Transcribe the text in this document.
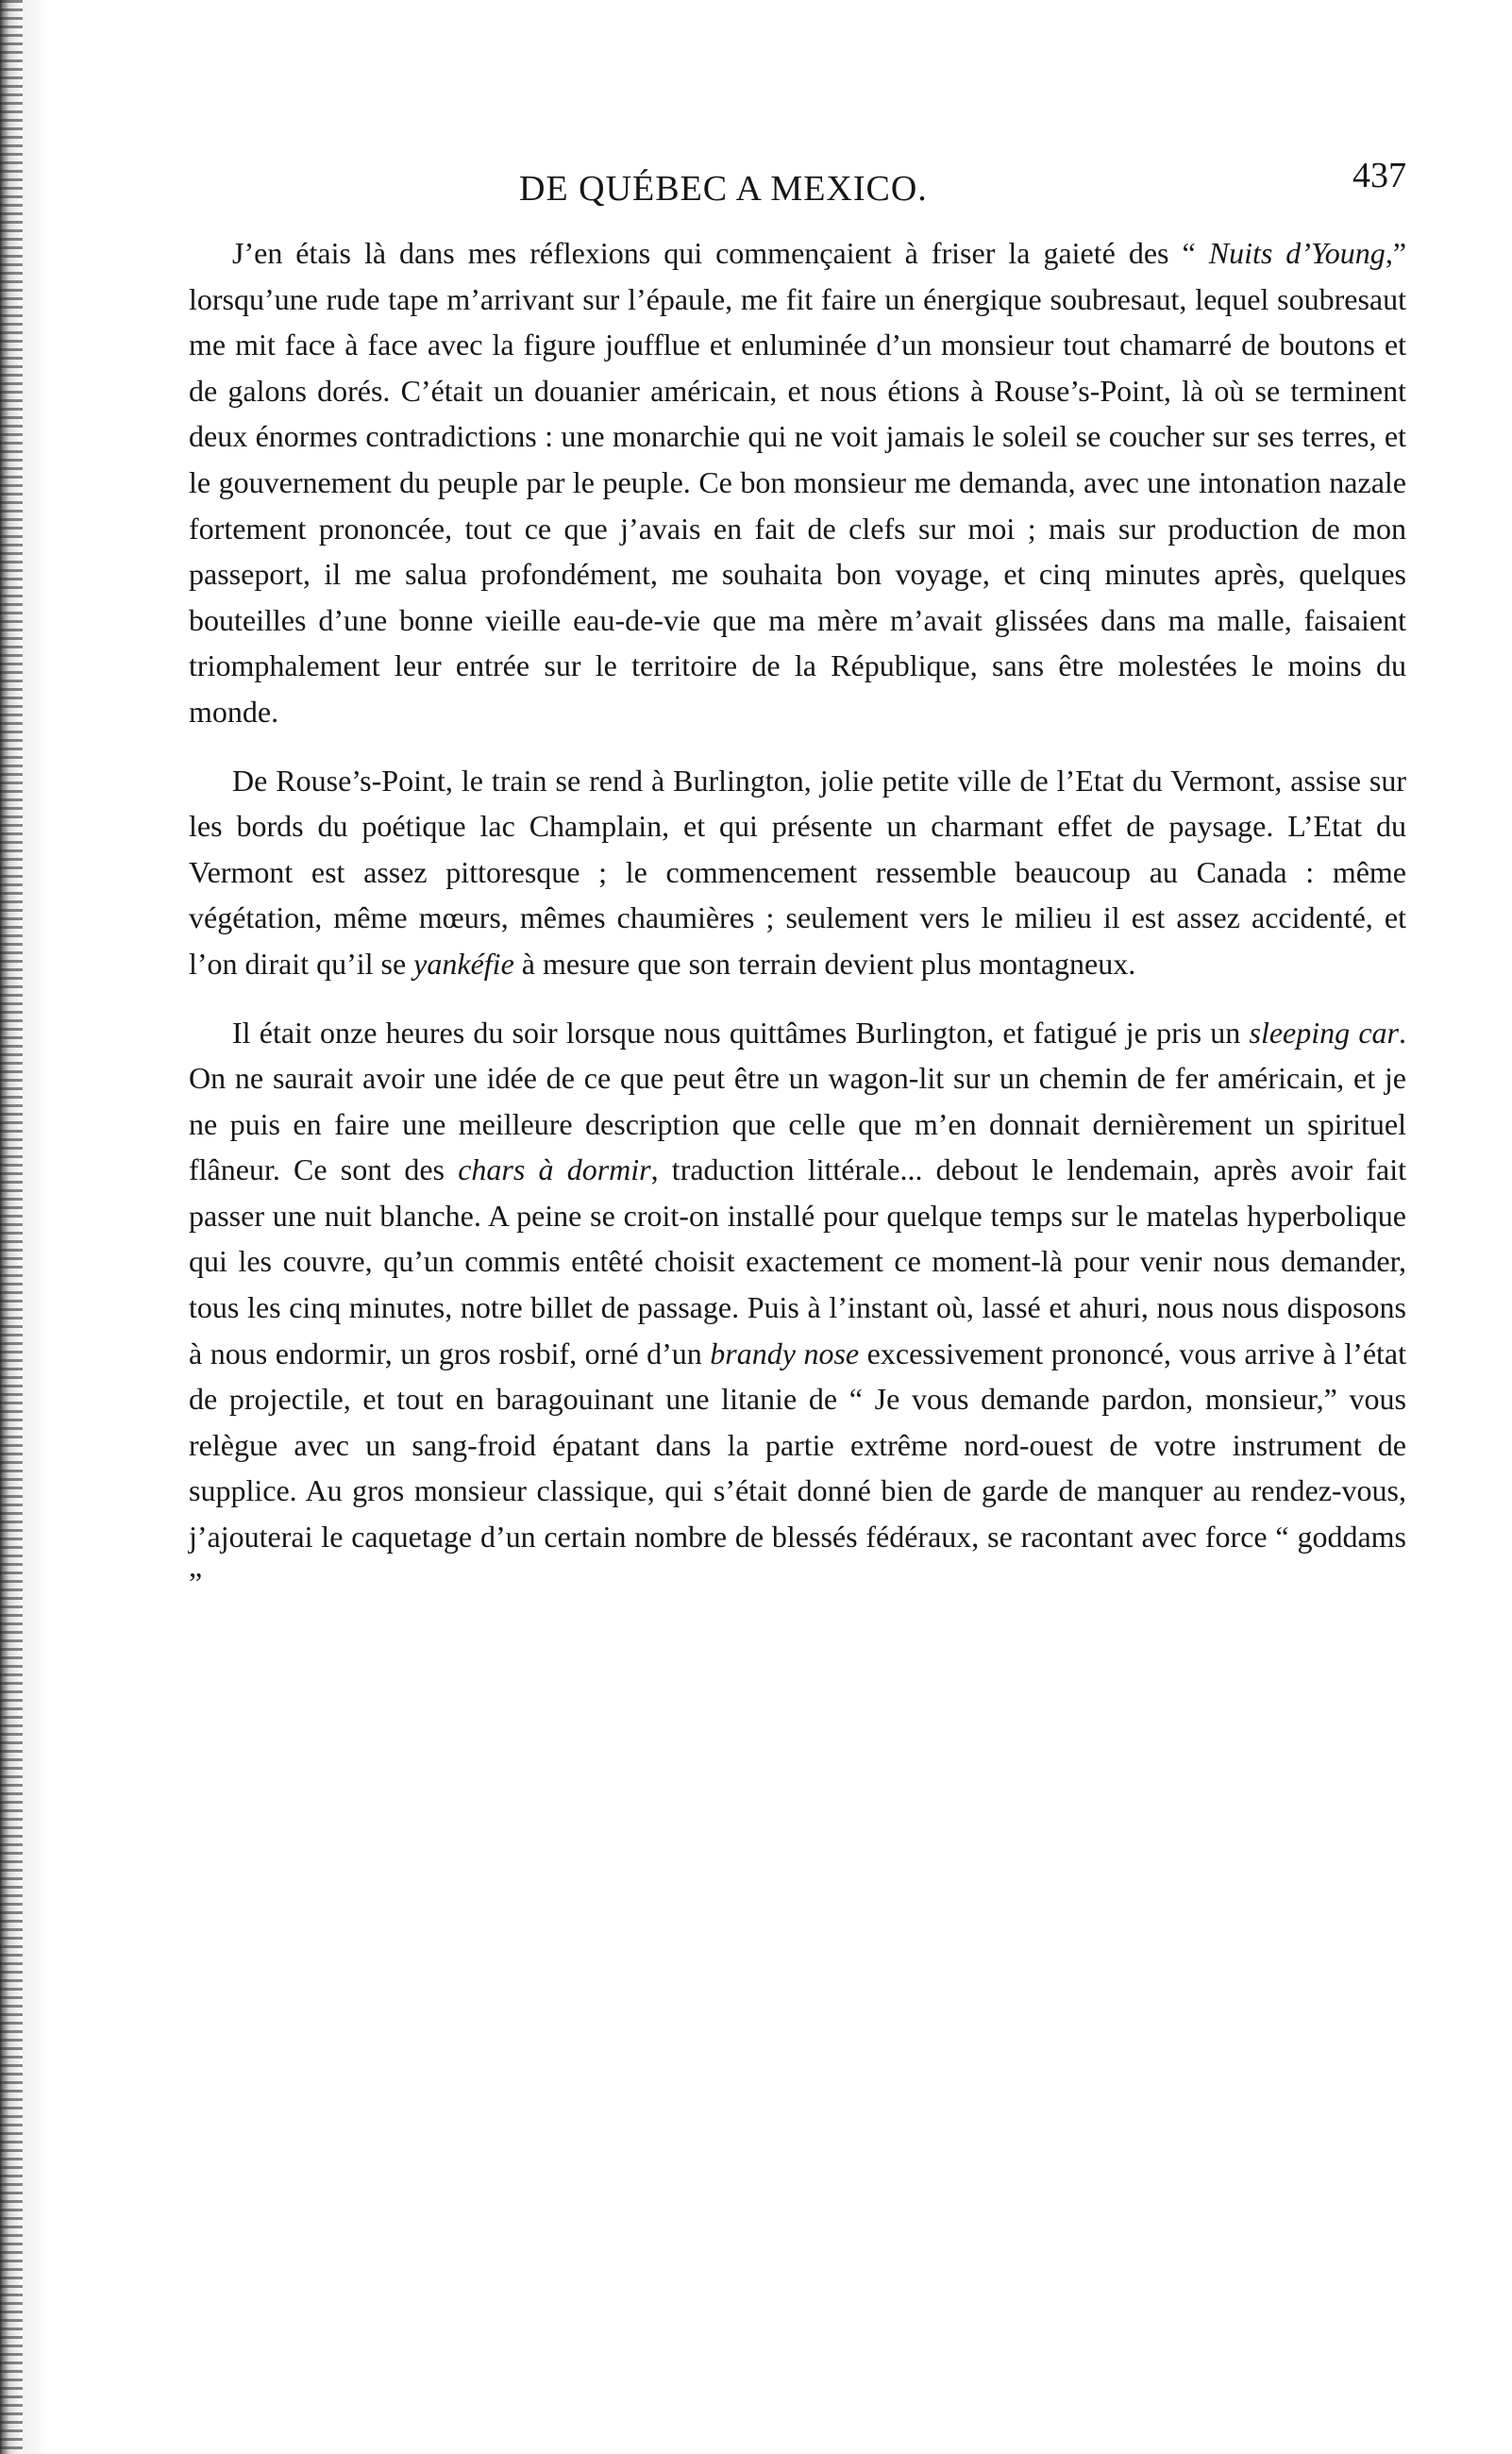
DE QUÉBEC A MEXICO.	437

J’en étais là dans mes réflexions qui commençaient à friser la gaieté des “ Nuits d’Young,” lorsqu’une rude tape m’arrivant sur l’épaule, me fit faire un énergique soubresaut, lequel soubresaut me mit face à face avec la figure joufflue et enluminée d’un monsieur tout chamarré de boutons et de galons dorés. C’était un douanier américain, et nous étions à Rouse’s-Point, là où se terminent deux énormes contradictions : une monarchie qui ne voit jamais le soleil se coucher sur ses terres, et le gouvernement du peuple par le peuple. Ce bon monsieur me demanda, avec une intonation nazale fortement prononcée, tout ce que j’avais en fait de clefs sur moi ; mais sur production de mon passeport, il me salua profondément, me souhaita bon voyage, et cinq minutes après, quelques bouteilles d’une bonne vieille eau-de-vie que ma mère m’avait glissées dans ma malle, faisaient triomphalement leur entrée sur le territoire de la République, sans être molestées le moins du monde.

De Rouse’s-Point, le train se rend à Burlington, jolie petite ville de l’Etat du Vermont, assise sur les bords du poétique lac Champlain, et qui présente un charmant effet de paysage. L’Etat du Vermont est assez pittoresque ; le commencement ressemble beaucoup au Canada : même végétation, même mœurs, mêmes chaumières ; seulement vers le milieu il est assez accidenté, et l’on dirait qu’il se yankéfie à mesure que son terrain devient plus montagneux.

Il était onze heures du soir lorsque nous quittâmes Burlington, et fatigué je pris un sleeping car. On ne saurait avoir une idée de ce que peut être un wagon-lit sur un chemin de fer américain, et je ne puis en faire une meilleure description que celle que m’en donnait dernièrement un spirituel flâneur. Ce sont des chars à dormir, traduction littérale... debout le lendemain, après avoir fait passer une nuit blanche. A peine se croit-on installé pour quelque temps sur le matelas hyperbolique qui les couvre, qu’un commis entêté choisit exactement ce moment-là pour venir nous demander, tous les cinq minutes, notre billet de passage. Puis à l’instant où, lassé et ahuri, nous nous disposons à nous endormir, un gros rosbif, orné d’un brandy nose excessivement prononcé, vous arrive à l’état de projectile, et tout en baragouinant une litanie de “ Je vous demande pardon, monsieur,” vous relègue avec un sang-froid épatant dans la partie extrême nord-ouest de votre instrument de supplice. Au gros monsieur classique, qui s’était donné bien de garde de manquer au rendez-vous, j’ajouterai le caquetage d’un certain nombre de blessés fédéraux, se racontant avec force “ goddams ”
